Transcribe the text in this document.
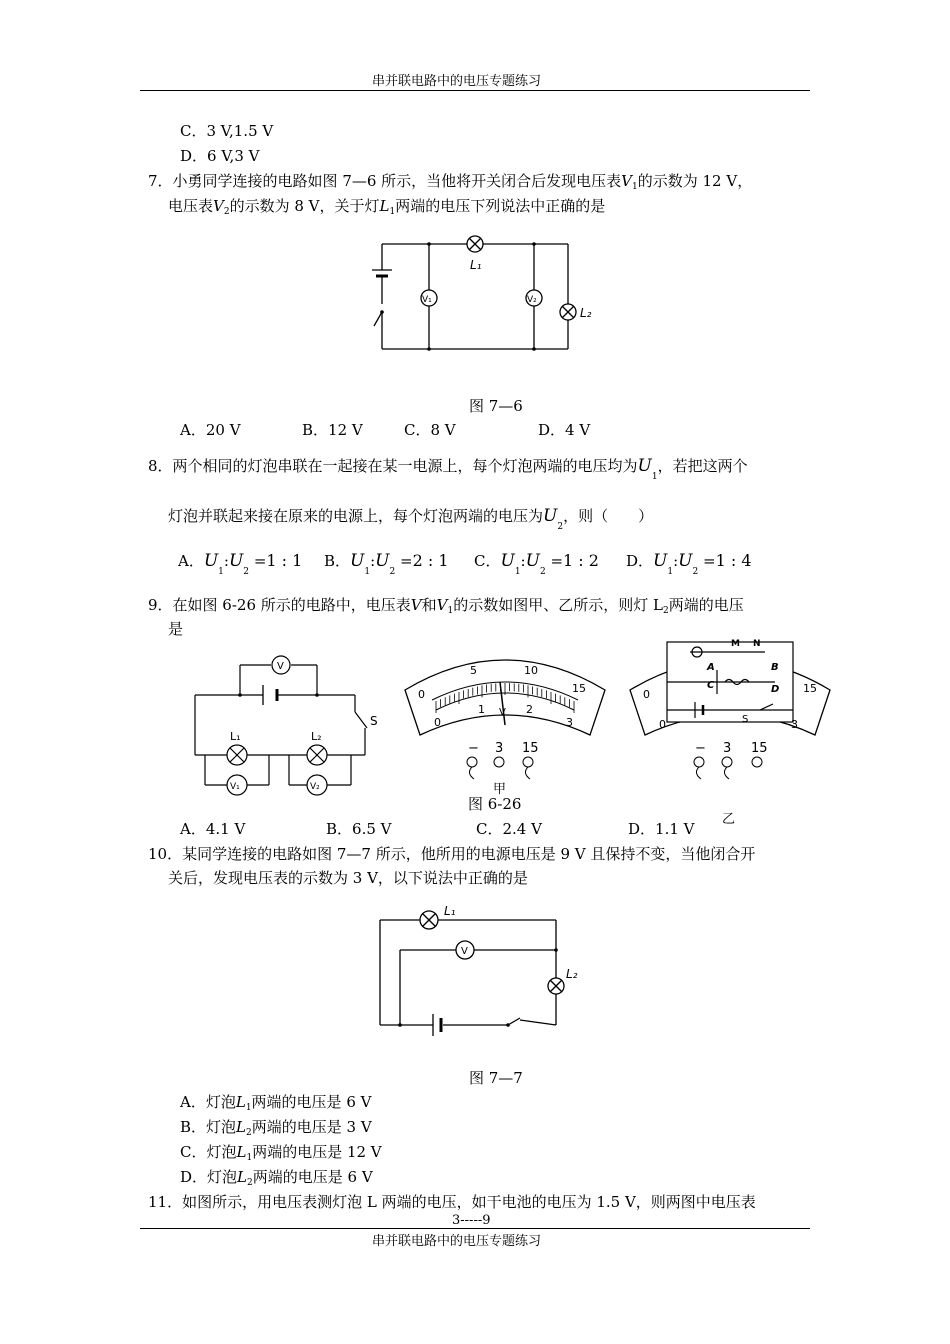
串并联电路中的电压专题练习
C．3 V,1.5 V
D．6 V,3 V
7．小勇同学连接的电路如图 7—6 所示，当他将开关闭合后发现电压表$V_1$的示数为 12 V，
电压表$V_2$的示数为 8 V，关于灯$L_1$两端的电压下列说法中正确的是
L₁
L₂
V₁	V₂
图 7—6
A．20 V	B．12 V	C．8 V	D．4 V
8．两个相同的灯泡串联在一起接在某一电源上，每个灯泡两端的电压均为$U_1$，若把这两个
灯泡并联起来接在原来的电源上，每个灯泡两端的电压为$U_2$，则（　　）
A．$U_1:U_2 =1$ : 1 B．$U_1:U_2 =2$ : 1 C．$U_1:U_2 =1$ : 2 D．$U_1:U_2 =1$ : 4
9．在如图 6-26 所示的电路中，电压表V和$V_1$的示数如图甲、乙所示，则灯 $L_2$两端的电压
是
V
V₁	V₂
L₁	L₂
S
0
5	10
15
0
1 V 2
3
− 3 15
图 6-26
甲
M N
A	B
C	D
S
0	15
0	3
− 3 15
乙
A．4.1 V	B．6.5 V	C．2.4 V	D．1.1 V
10．某同学连接的电路如图 7—7 所示，他所用的电源电压是 9 V 且保持不变，当他闭合开
关后，发现电压表的示数为 3 V，以下说法中正确的是
L₁
L₂
V
图 7—7
A．灯泡$L_1$两端的电压是 6 V
B．灯泡$L_2$两端的电压是 3 V
C．灯泡$L_1$两端的电压是 12 V
D．灯泡$L_2$两端的电压是 6 V
11．如图所示，用电压表测灯泡 L 两端的电压，如干电池的电压为 1.5 V，则两图中电压表
3-----9
串并联电路中的电压专题练习
